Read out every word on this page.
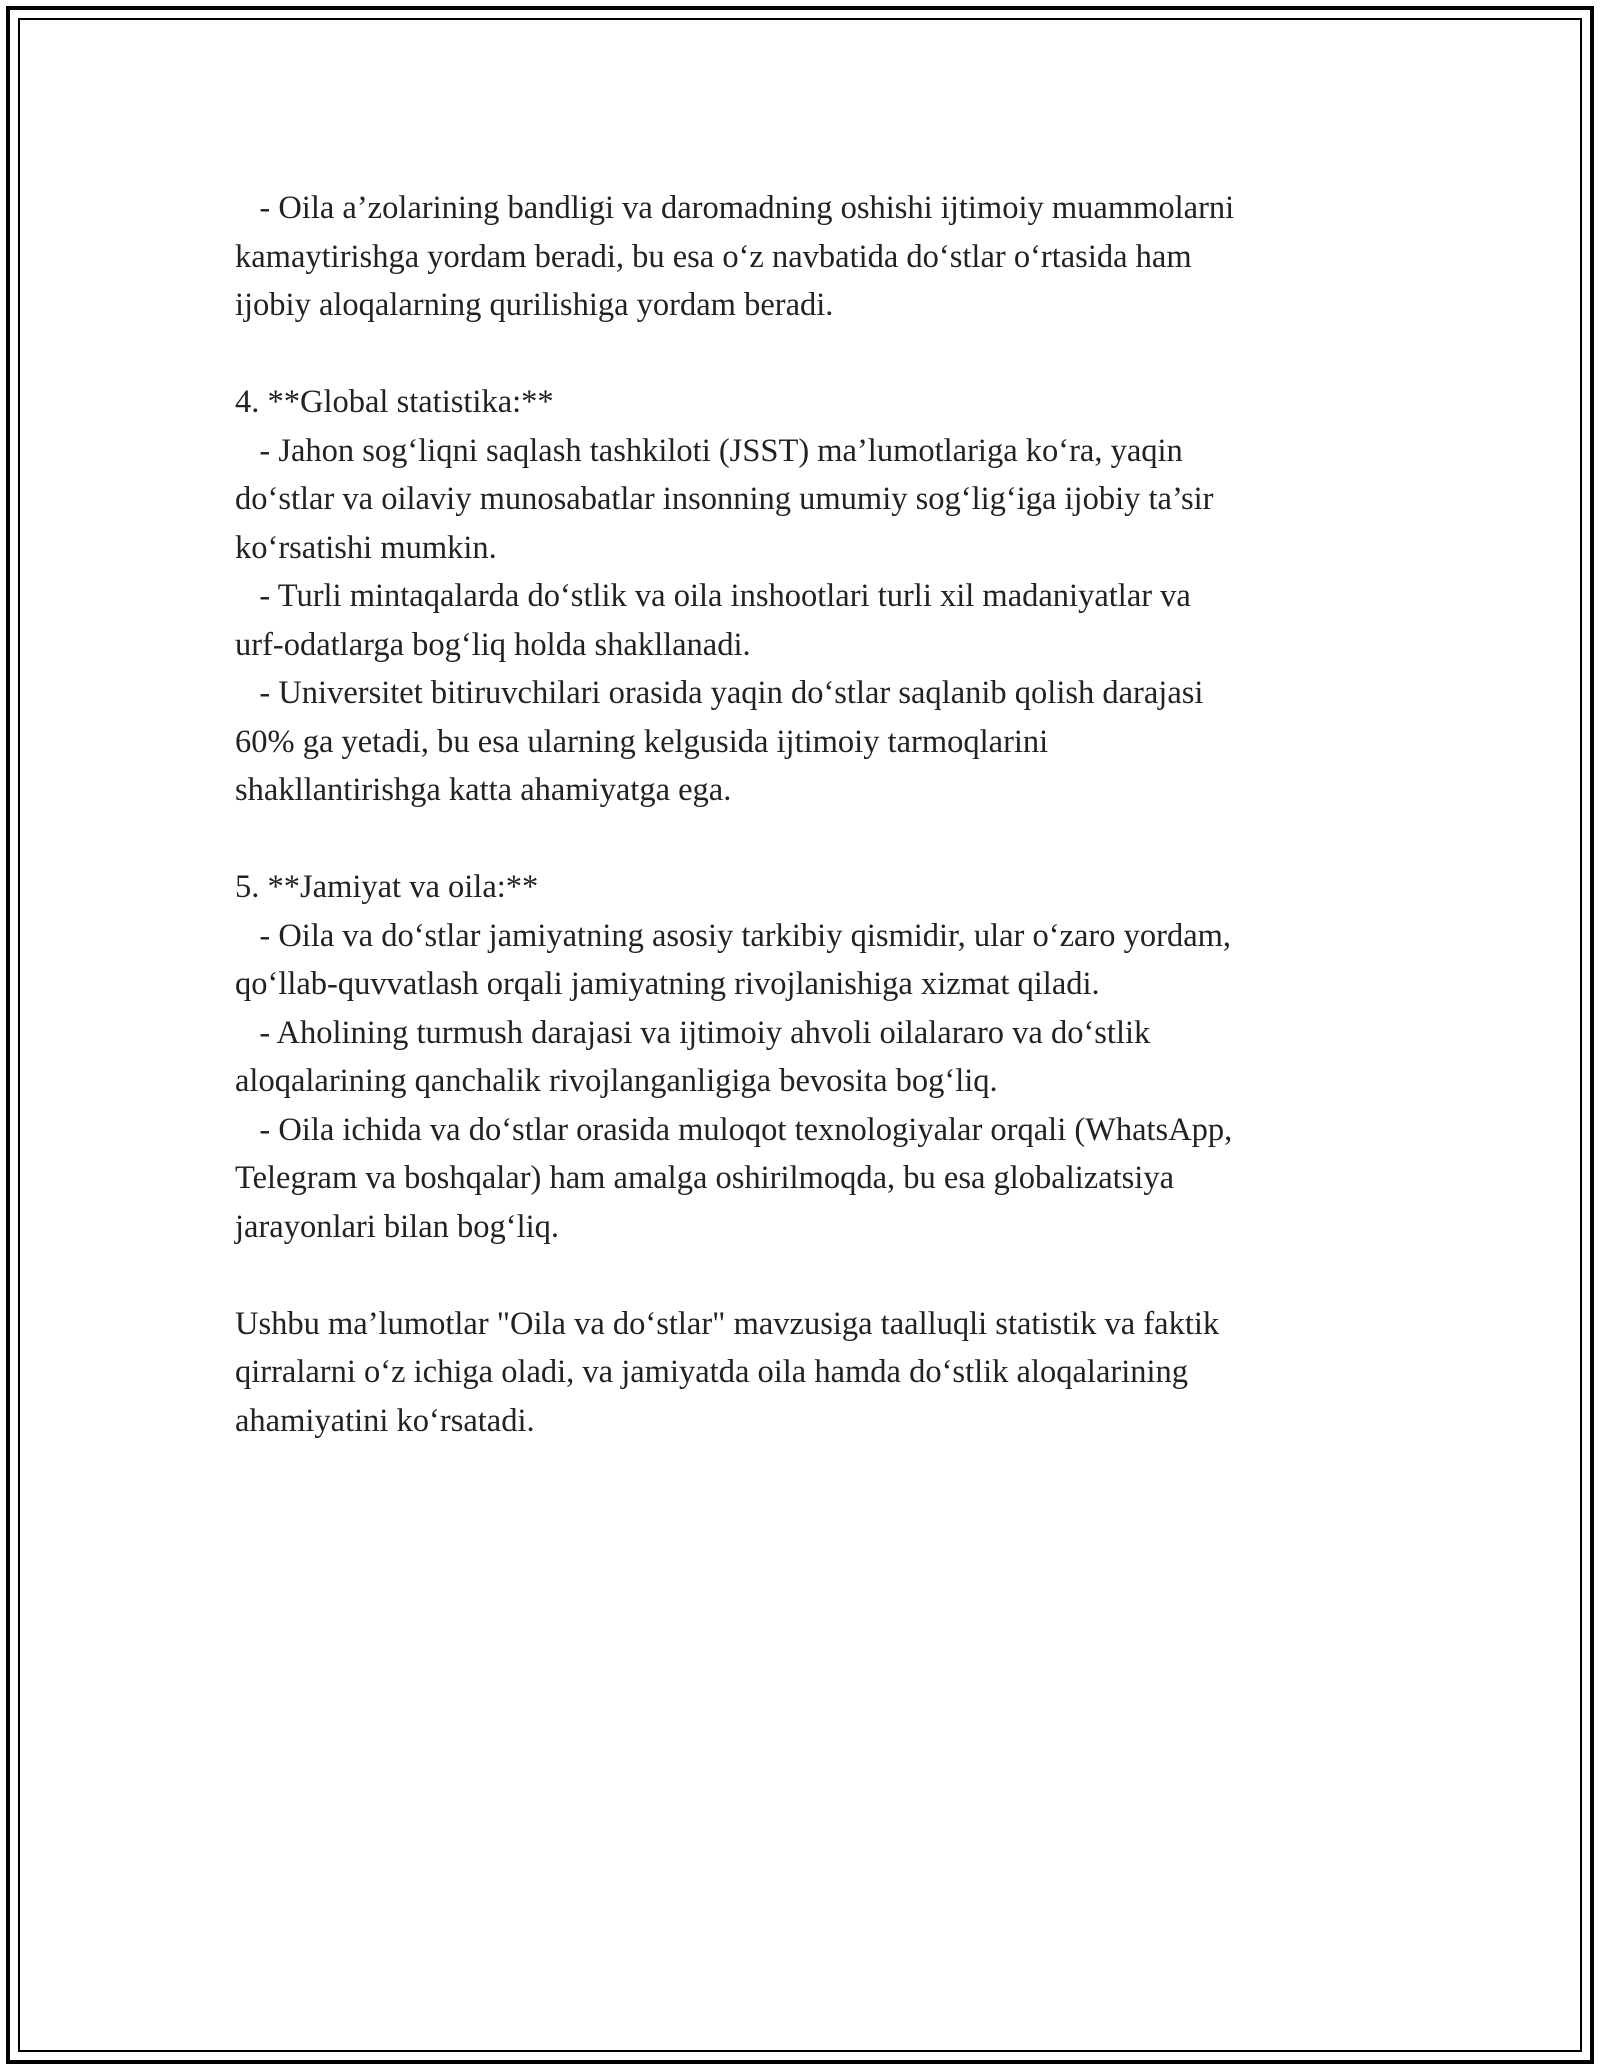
- Oila a’zolarining bandligi va daromadning oshishi ijtimoiy muammolarni
kamaytirishga yordam beradi, bu esa o‘z navbatida do‘stlar o‘rtasida ham
ijobiy aloqalarning qurilishiga yordam beradi.
4. **Global statistika:**
- Jahon sog‘liqni saqlash tashkiloti (JSST) ma’lumotlariga ko‘ra, yaqin
do‘stlar va oilaviy munosabatlar insonning umumiy sog‘lig‘iga ijobiy ta’sir
ko‘rsatishi mumkin.
- Turli mintaqalarda do‘stlik va oila inshootlari turli xil madaniyatlar va
urf-odatlarga bog‘liq holda shakllanadi.
- Universitet bitiruvchilari orasida yaqin do‘stlar saqlanib qolish darajasi
60% ga yetadi, bu esa ularning kelgusida ijtimoiy tarmoqlarini
shakllantirishga katta ahamiyatga ega.
5. **Jamiyat va oila:**
- Oila va do‘stlar jamiyatning asosiy tarkibiy qismidir, ular o‘zaro yordam,
qo‘llab-quvvatlash orqali jamiyatning rivojlanishiga xizmat qiladi.
- Aholining turmush darajasi va ijtimoiy ahvoli oilalararo va do‘stlik
aloqalarining qanchalik rivojlanganligiga bevosita bog‘liq.
- Oila ichida va do‘stlar orasida muloqot texnologiyalar orqali (WhatsApp,
Telegram va boshqalar) ham amalga oshirilmoqda, bu esa globalizatsiya
jarayonlari bilan bog‘liq.
Ushbu ma’lumotlar "Oila va do‘stlar" mavzusiga taalluqli statistik va faktik
qirralarni o‘z ichiga oladi, va jamiyatda oila hamda do‘stlik aloqalarining
ahamiyatini ko‘rsatadi.
